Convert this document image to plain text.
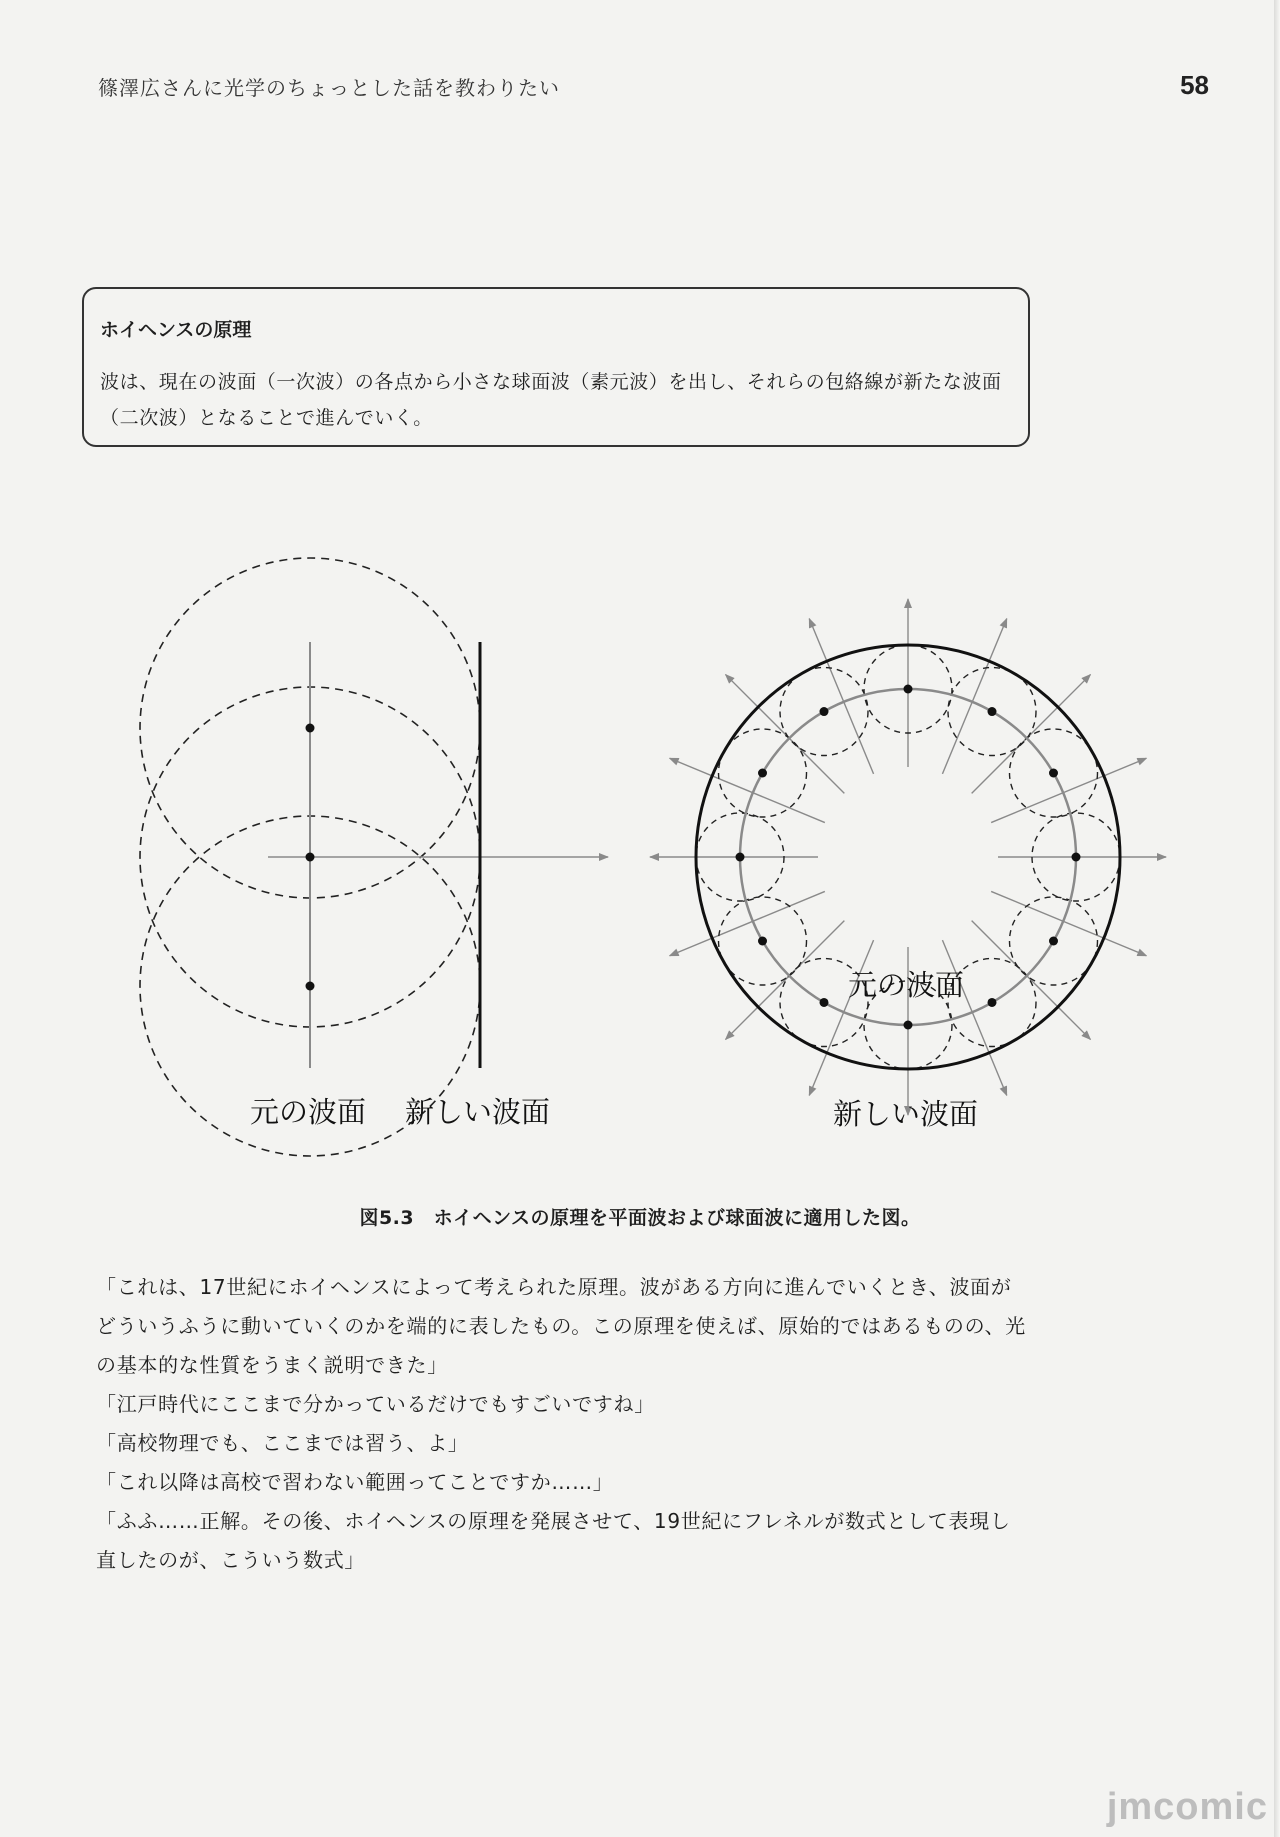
篠澤広さんに光学のちょっとした話を教わりたい	58
ホイヘンスの原理
波は、現在の波面（一次波）の各点から小さな球面波（素元波）を出し、それらの包絡線が新たな波面（二次波）となることで進んでいく。
元の波面 新しい波面
元の波面
新しい波面
図5.3　ホイヘンスの原理を平面波および球面波に適用した図。

「これは、17世紀にホイヘンスによって考えられた原理。波がある方向に進んでいくとき、波面がどういうふうに動いていくのかを端的に表したもの。この原理を使えば、原始的ではあるものの、光の基本的な性質をうまく説明できた」

「江戸時代にここまで分かっているだけでもすごいですね」

「高校物理でも、ここまでは習う、よ」

「これ以降は高校で習わない範囲ってことですか……」

「ふふ……正解。その後、ホイヘンスの原理を発展させて、19世紀にフレネルが数式として表現し直したのが、こういう数式」

jmcomic
